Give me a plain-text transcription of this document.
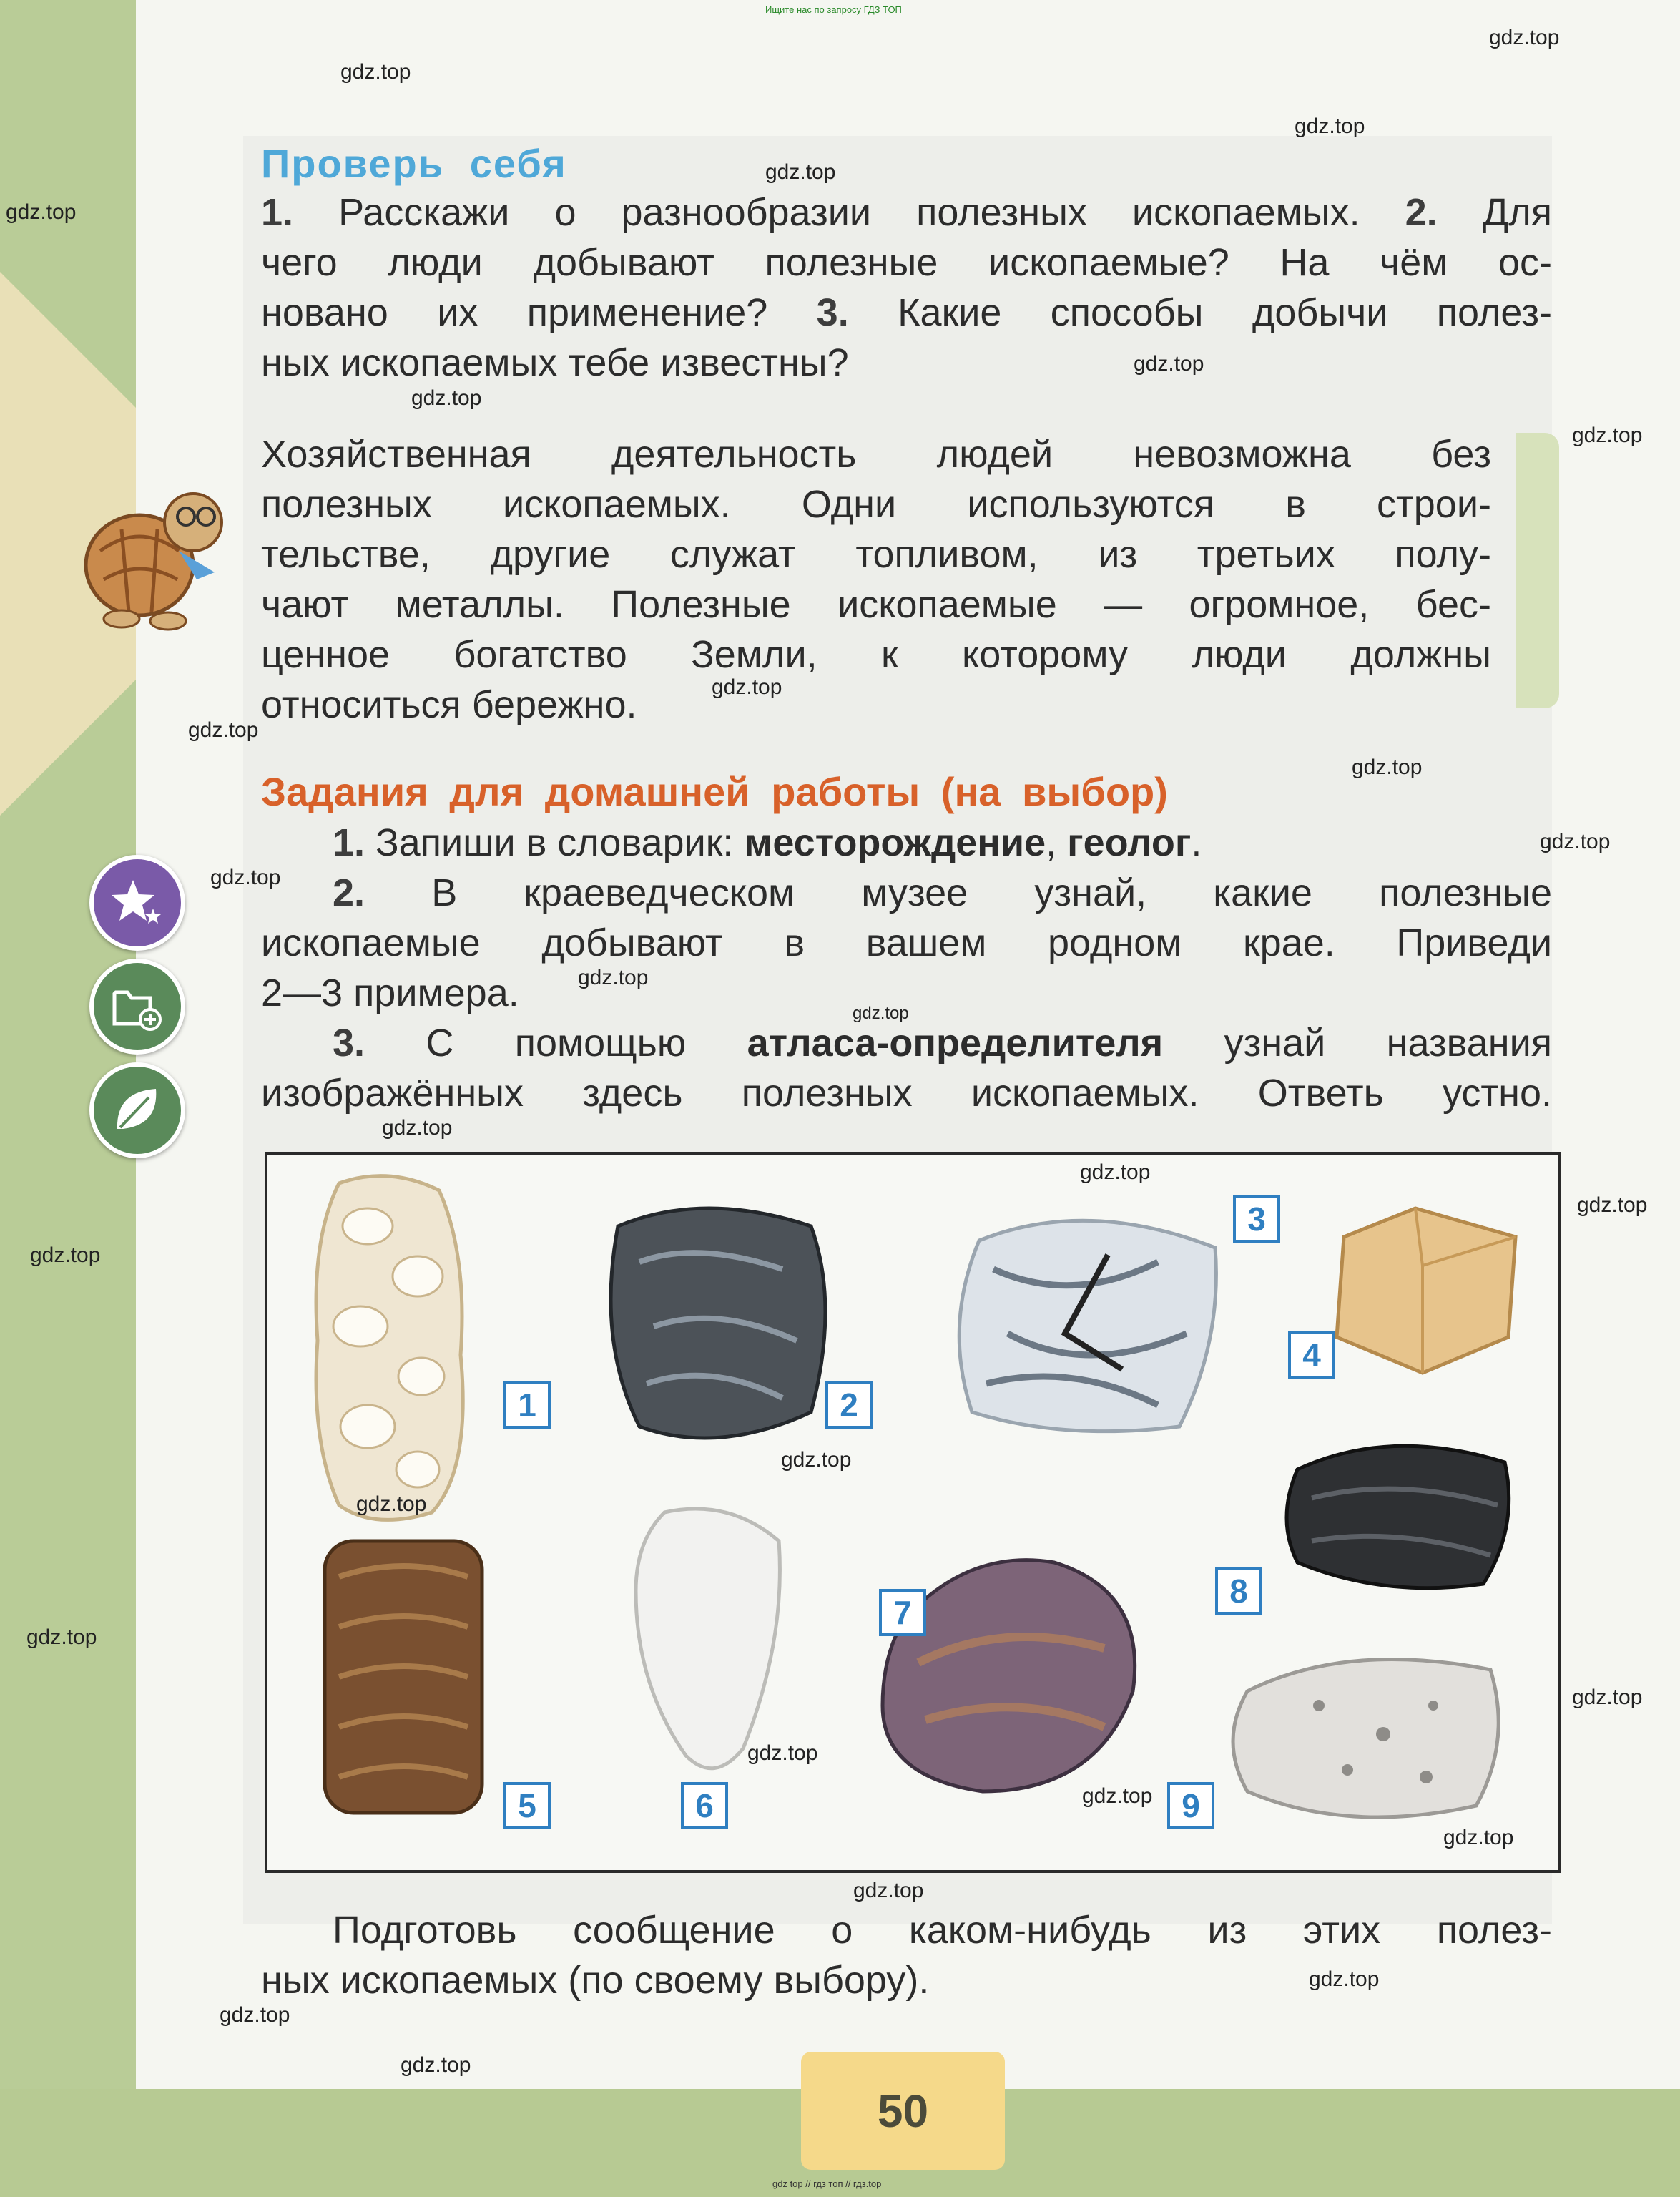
Ищите нас по запросу ГДЗ ТОП
gdz top // гдз топ // гдз.top
Проверь себя
1. Расскажи о разнообразии полезных ископаемых. 2. Для
чего люди добывают полезные ископаемые? На чём ос-
новано их применение? 3. Какие способы добычи полез-
ных ископаемых тебе известны?
Хозяйственная деятельность людей невозможна без
полезных ископаемых. Одни используются в строи-
тельстве, другие служат топливом, из третьих полу-
чают металлы. Полезные ископаемые — огромное, бес-
ценное богатство Земли, к которому люди должны
относиться бережно.
Задания для домашней работы (на выбор)
1. Запиши в словарик: месторождение, геолог.
2. В краеведческом музее узнай, какие полезные
ископаемые добывают в вашем родном крае. Приведи
2—3 примера.
3. С помощью атласа-определителя узнай названия
изображённых здесь полезных ископаемых. Ответь устно.
1	2
3
4
5	6
7
8
9
Подготовь сообщение о каком-нибудь из этих полез-
ных ископаемых (по своему выбору).
50
gdz.top
gdz.top
gdz.top
gdz.top
gdz.top
gdz.top
gdz.top
gdz.top
gdz.top
gdz.top
gdz.top
gdz.top
gdz.top
gdz.top
gdz.top
gdz.top
gdz.top
gdz.top
gdz.top
gdz.top
gdz.top
gdz.top
gdz.top
gdz.top
gdz.top
gdz.top
gdz.top
gdz.top
gdz.top
gdz.top
